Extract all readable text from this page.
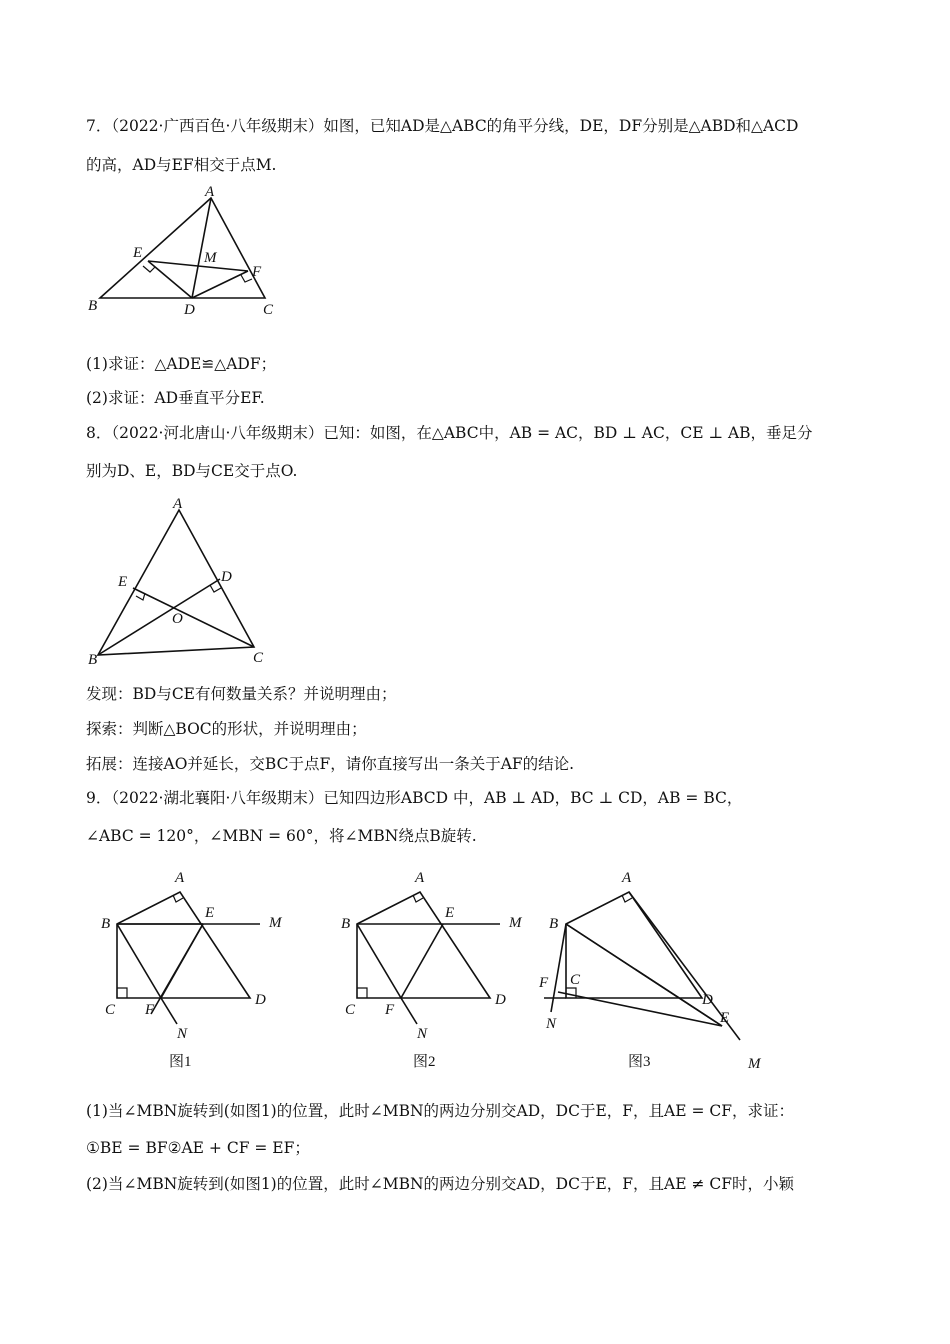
7．（2022·广西百色·八年级期末）如图，已知AD是△ABC的角平分线，DE，DF分别是△ABD和△ACD
的高，AD与EF相交于点M.
A
B	C
D
E
F
M
(1)求证：△ADE≌△ADF；
(2)求证：AD垂直平分EF.
8．（2022·河北唐山·八年级期末）已知：如图，在△ABC中，AB = AC，BD ⊥ AC，CE ⊥ AB，垂足分
别为D、E，BD与CE交于点O.
A
B	C
D
E
O
发现：BD与CE有何数量关系？并说明理由；
探索：判断△BOC的形状，并说明理由；
拓展：连接AO并延长，交BC于点F，请你直接写出一条关于AF的结论.
9．（2022·湖北襄阳·八年级期末）已知四边形ABCD 中，AB ⊥ AD，BC ⊥ CD，AB = BC，
∠ABC = 120°，∠MBN = 60°，将∠MBN绕点B旋转.
A
B
C
D
E
F
M
N
图1
A
B
C
D
E
F
M
N
图2
A
B
C
D
E
F
M
N
图3
(1)当∠MBN旋转到(如图1)的位置，此时∠MBN的两边分别交AD，DC于E，F，且AE = CF，求证：
①BE = BF②AE + CF = EF；
(2)当∠MBN旋转到(如图1)的位置，此时∠MBN的两边分别交AD，DC于E，F，且AE ≠ CF时，小颖
